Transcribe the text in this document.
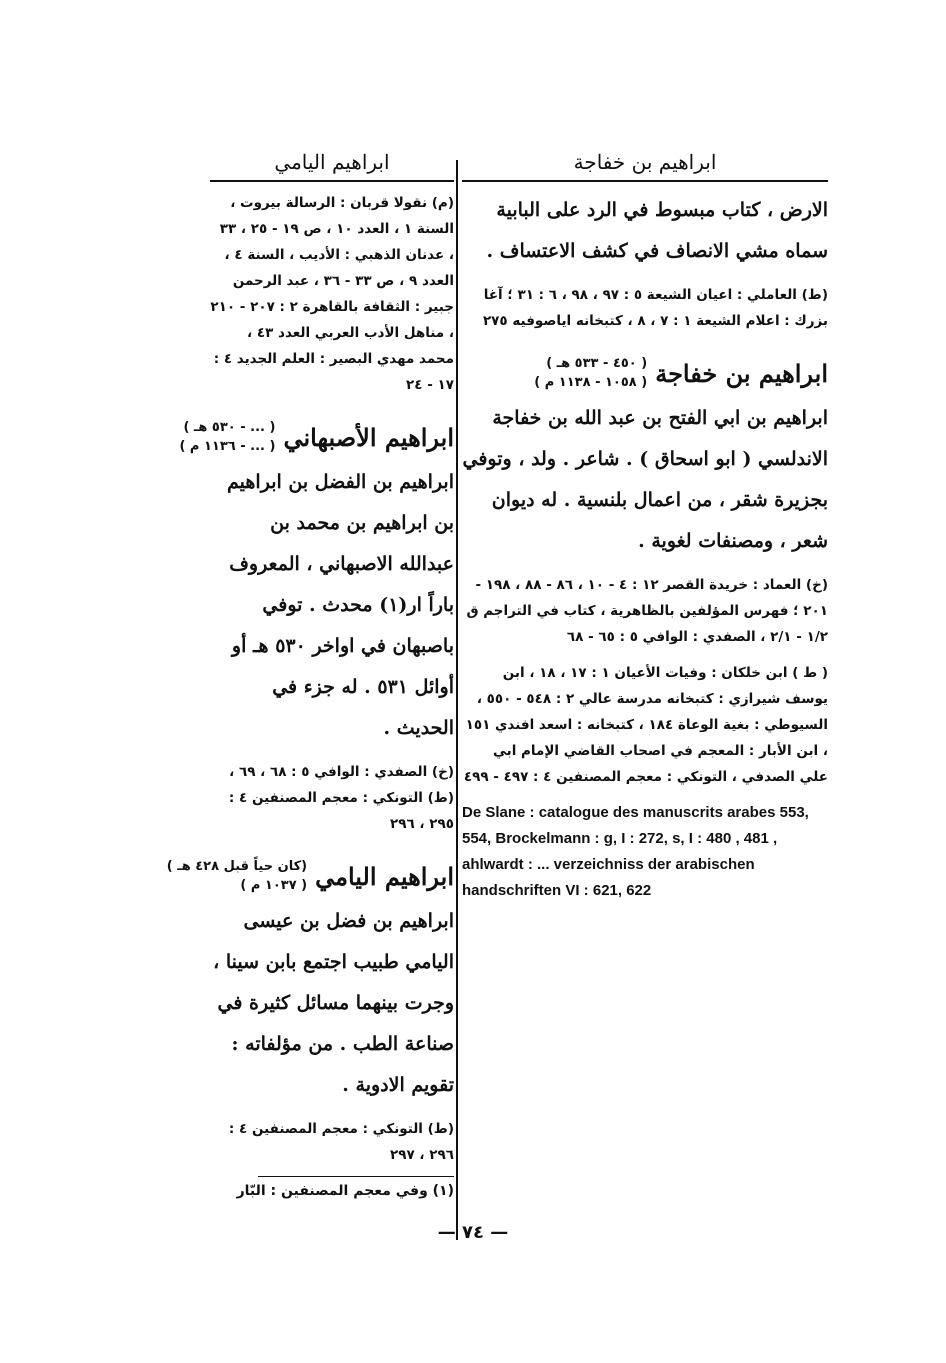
ابراهيم بن خفاجة

الارض ، كتاب مبسوط في الرد على البابية سماه مشي الانصاف في كشف الاعتساف .

(ط) العاملي : اعيان الشيعة ٥ : ٩٧ ، ٩٨ ، ٦ : ٣١ ؛ آغا بزرك : اعلام الشيعة ١ : ٧ ، ٨ ، كتبخانه اياصوفيه ٢٧٥

ابراهيم بن خفاجة
( ٤٥٠ - ٥٣٣ هـ )
( ١٠٥٨ - ١١٣٨ م )

ابراهيم بن ابي الفتح بن عبد الله بن خفاجة الاندلسي ( ابو اسحاق ) . شاعر . ولد ، وتوفي بجزيرة شقر ، من اعمال بلنسية . له ديوان شعر ، ومصنفات لغوية .

(خ) العماد : خريدة القصر ١٢ : ٤ - ١٠ ، ٨٦ - ٨٨ ، ١٩٨ - ٢٠١ ؛ فهرس المؤلفين بالظاهرية ، كتاب في التراجم ق ١/٢ - ٢/١ ، الصفدي : الوافي ٥ : ٦٥ - ٦٨

( ط ) ابن خلكان : وفيات الأعيان ١ : ١٧ ، ١٨ ، ابن يوسف شيرازي : كتبخانه مدرسة عالي ٢ : ٥٤٨ - ٥٥٠ ، السيوطي : بغية الوعاة ١٨٤ ، كتبخانه : اسعد افندي ١٥١ ، ابن الأبار : المعجم في اصحاب القاضي الإمام ابي علي الصدفي ، التونكي : معجم المصنفين ٤ : ٤٩٧ - ٤٩٩

De Slane : catalogue des manuscrits arabes 553, 554, Brockelmann : g, I : 272, s, I : 480 , 481 , ahlwardt : ... verzeichniss der arabischen handschriften VI : 621, 622

ابراهيم اليامي

(م) نقولا قربان : الرسالة بيروت ، السنة ١ ، العدد ١٠ ، ص ١٩ - ٢٥ ، ٣٣ ، عدنان الذهبي : الأديب ، السنة ٤ ، العدد ٩ ، ص ٣٣ - ٣٦ ، عبد الرحمن جبير : الثقافة بالقاهرة ٢ : ٢٠٧ - ٢١٠ ، مناهل الأدب العربي العدد ٤٣ ، محمد مهدي البصير : العلم الجديد ٤ : ١٧ - ٢٤

ابراهيم الأصبهاني
( ... - ٥٣٠ هـ )
( ... - ١١٣٦ م )

ابراهيم بن الفضل بن ابراهيم بن ابراهيم بن محمد بن عبدالله الاصبهاني ، المعروف باراً ار(١) محدث . توفي باصبهان في اواخر ٥٣٠ هـ أو أوائل ٥٣١ . له جزء في الحديث .

(خ) الصفدي : الوافي ٥ : ٦٨ ، ٦٩ ، (ط) التونكي : معجم المصنفين ٤ : ٢٩٥ ، ٢٩٦

ابراهيم اليامي
(كان حياً قبل ٤٢٨ هـ )
( ١٠٣٧ م )

ابراهيم بن فضل بن عيسى اليامي طبيب اجتمع بابن سينا ، وجرت بينهما مسائل كثيرة في صناعة الطب . من مؤلفاته : تقويم الادوية .

(ط) التونكي : معجم المصنفين ٤ : ٢٩٦ ، ٢٩٧

(١) وفي معجم المصنفين : البّار
— ٧٤ —
